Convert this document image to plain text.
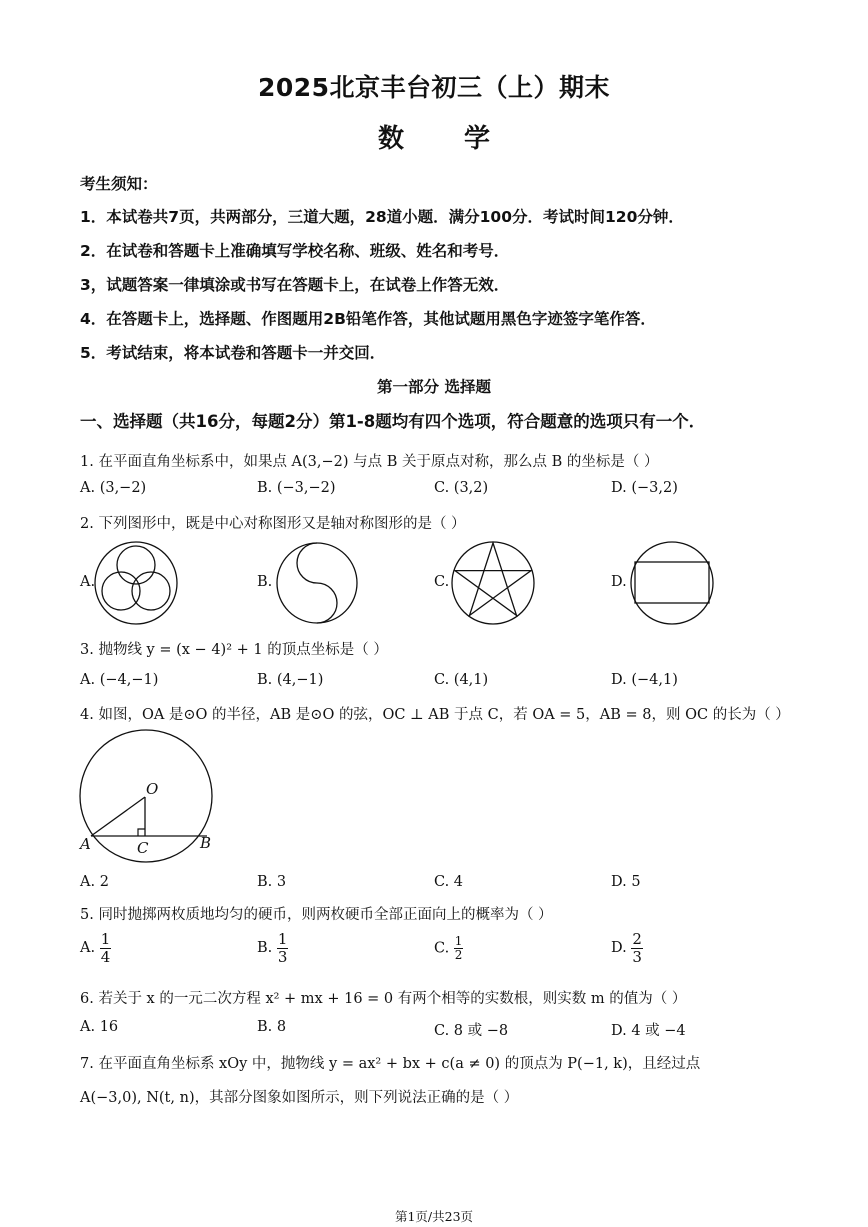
2025北京丰台初三（上）期末
数学
考生须知：
1．本试卷共7页，共两部分，三道大题，28道小题．满分100分．考试时间120分钟．
2．在试卷和答题卡上准确填写学校名称、班级、姓名和考号．
3，试题答案一律填涂或书写在答题卡上，在试卷上作答无效．
4．在答题卡上，选择题、作图题用2B铅笔作答，其他试题用黑色字迹签字笔作答．
5．考试结束，将本试卷和答题卡一并交回．
第一部分 选择题
一、选择题（共16分，每题2分）第1-8题均有四个选项，符合题意的选项只有一个．
1. 在平面直角坐标系中，如果点 A(3,−2) 与点 B 关于原点对称，那么点 B 的坐标是（ ）
A. (3,−2)	B. (−3,−2)	C. (3,2)	D. (−3,2)
2. 下列图形中，既是中心对称图形又是轴对称图形的是（ ）
A.	B.	C.	D.
3. 抛物线 y = (x − 4)² + 1 的顶点坐标是（ ）
A. (−4,−1)	B. (4,−1)	C. (4,1)	D. (−4,1)
4. 如图，OA 是⊙O 的半径，AB 是⊙O 的弦，OC ⊥ AB 于点 C，若 OA = 5，AB = 8，则 OC 的长为（ ）
O
A	C	B
A. 2	B. 3	C. 4	D. 5
5. 同时抛掷两枚质地均匀的硬币，则两枚硬币全部正面向上的概率为（ ）
A. $\frac{1}{4}$	B. $\frac{1}{3}$	C. $\frac{1}{2}$	D. $\frac{2}{3}$
6. 若关于 x 的一元二次方程 x² + mx + 16 = 0 有两个相等的实数根，则实数 m 的值为（ ）
A. 16	B. 8	C. 8 或 −8	D. 4 或 −4
7. 在平面直角坐标系 xOy 中，抛物线 y = ax² + bx + c(a ≠ 0) 的顶点为 P(−1, k)，且经过点
A(−3,0), N(t, n)，其部分图象如图所示，则下列说法正确的是（ ）
第1页/共23页
